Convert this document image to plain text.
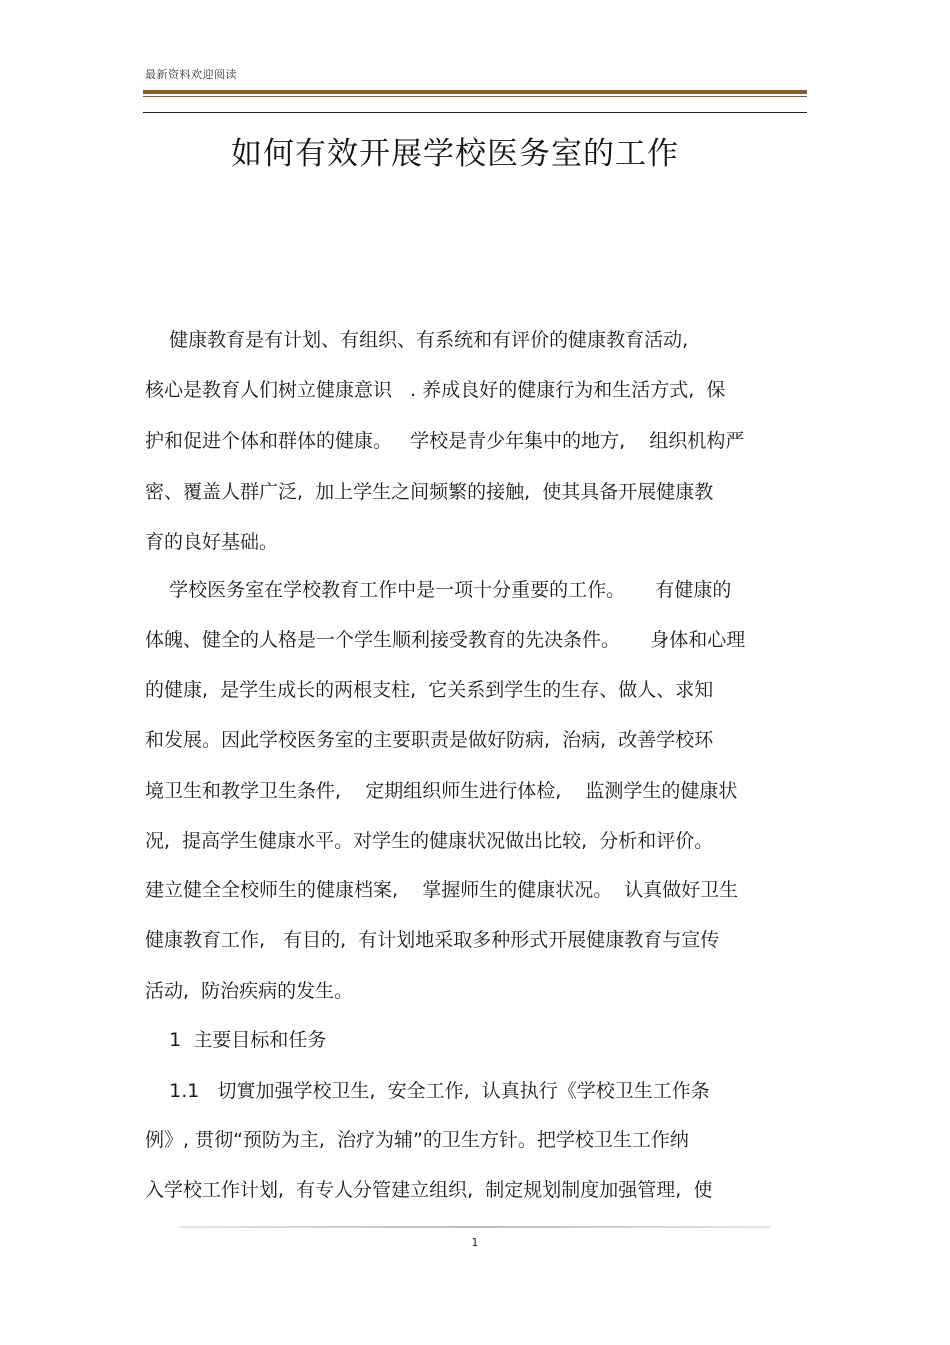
最新资料欢迎阅读
如何有效开展学校医务室的工作
健康教育是有计划、有组织、有系统和有评价的健康教育活动,
核心是教育人们树立健康意识   . 养成良好的健康行为和生活方式,  保
护和促进个体和群体的健康。   学校是青少年集中的地方,    组织机构严
密、覆盖人群广泛,  加上学生之间频繁的接触,  使其具备开展健康教
育的良好基础。
学校医务室在学校教育工作中是一项十分重要的工作。     有健康的
体魄、健全的人格是一个学生顺利接受教育的先决条件。     身体和心理
的健康,  是学生成长的两根支柱,  它关系到学生的生存、做人、求知
和发展。因此学校医务室的主要职责是做好防病,  治病,  改善学校环
境卫生和教学卫生条件,    定期组织师生进行体检,    监测学生的健康状
况,  提高学生健康水平。对学生的健康状况做出比较,  分析和评价。
建立健全全校师生的健康档案,    掌握师生的健康状况。  认真做好卫生
健康教育工作,   有目的,  有计划地采取多种形式开展健康教育与宣传
活动,  防治疾病的发生。
1  主要目标和任务
1.1   切實加强学校卫生,  安全工作,  认真执行《学校卫生工作条
例》, 贯彻“预防为主,  治疗为辅”的卫生方针。把学校卫生工作纳
入学校工作计划,  有专人分管建立组织,  制定规划制度加强管理,  使
1
